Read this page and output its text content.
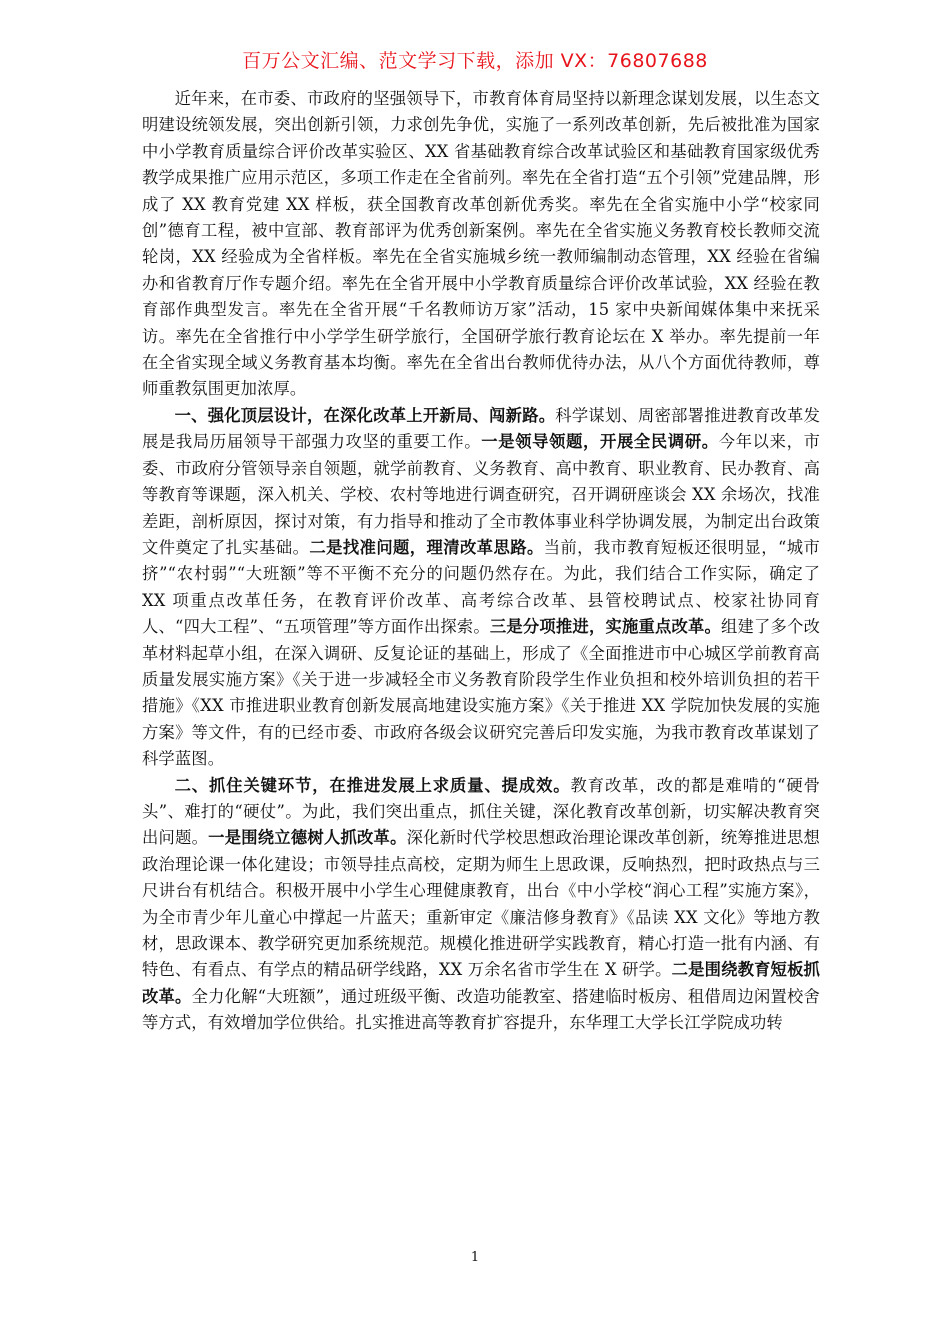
百万公文汇编、范文学习下载，添加 VX：76807688

近年来，在市委、市政府的坚强领导下，市教育体育局坚持以新理念谋划发展，以生态文明建设统领发展，突出创新引领，力求创先争优，实施了一系列改革创新，先后被批准为国家中小学教育质量综合评价改革实验区、XX 省基础教育综合改革试验区和基础教育国家级优秀教学成果推广应用示范区，多项工作走在全省前列。率先在全省打造“五个引领”党建品牌，形成了 XX 教育党建 XX 样板，获全国教育改革创新优秀奖。率先在全省实施中小学“校家同创”德育工程，被中宣部、教育部评为优秀创新案例。率先在全省实施义务教育校长教师交流轮岗，XX 经验成为全省样板。率先在全省实施城乡统一教师编制动态管理，XX 经验在省编办和省教育厅作专题介绍。率先在全省开展中小学教育质量综合评价改革试验，XX 经验在教育部作典型发言。率先在全省开展“千名教师访万家”活动，15 家中央新闻媒体集中来抚采访。率先在全省推行中小学学生研学旅行，全国研学旅行教育论坛在 X 举办。率先提前一年在全省实现全域义务教育基本均衡。率先在全省出台教师优待办法，从八个方面优待教师，尊师重教氛围更加浓厚。

一、强化顶层设计，在深化改革上开新局、闯新路。科学谋划、周密部署推进教育改革发展是我局历届领导干部强力攻坚的重要工作。一是领导领题，开展全民调研。今年以来，市委、市政府分管领导亲自领题，就学前教育、义务教育、高中教育、职业教育、民办教育、高等教育等课题，深入机关、学校、农村等地进行调查研究，召开调研座谈会 XX 余场次，找准差距，剖析原因，探讨对策，有力指导和推动了全市教体事业科学协调发展，为制定出台政策文件奠定了扎实基础。二是找准问题，理清改革思路。当前，我市教育短板还很明显，“城市挤”“农村弱”“大班额”等不平衡不充分的问题仍然存在。为此，我们结合工作实际，确定了 XX 项重点改革任务，在教育评价改革、高考综合改革、县管校聘试点、校家社协同育人、“四大工程”、“五项管理”等方面作出探索。三是分项推进，实施重点改革。组建了多个改革材料起草小组，在深入调研、反复论证的基础上，形成了《全面推进市中心城区学前教育高质量发展实施方案》《关于进一步减轻全市义务教育阶段学生作业负担和校外培训负担的若干措施》《XX 市推进职业教育创新发展高地建设实施方案》《关于推进 XX 学院加快发展的实施方案》等文件，有的已经市委、市政府各级会议研究完善后印发实施，为我市教育改革谋划了科学蓝图。

二、抓住关键环节，在推进发展上求质量、提成效。教育改革，改的都是难啃的“硬骨头”、难打的“硬仗”。为此，我们突出重点，抓住关键，深化教育改革创新，切实解决教育突出问题。一是围绕立德树人抓改革。深化新时代学校思想政治理论课改革创新，统筹推进思想政治理论课一体化建设；市领导挂点高校，定期为师生上思政课，反响热烈，把时政热点与三尺讲台有机结合。积极开展中小学生心理健康教育，出台《中小学校“润心工程”实施方案》，为全市青少年儿童心中撑起一片蓝天；重新审定《廉洁修身教育》《品读 XX 文化》等地方教材，思政课本、教学研究更加系统规范。规模化推进研学实践教育，精心打造一批有内涵、有特色、有看点、有学点的精品研学线路，XX 万余名省市学生在 X 研学。二是围绕教育短板抓改革。全力化解“大班额”，通过班级平衡、改造功能教室、搭建临时板房、租借周边闲置校舍等方式，有效增加学位供给。扎实推进高等教育扩容提升，东华理工大学长江学院成功转

1
